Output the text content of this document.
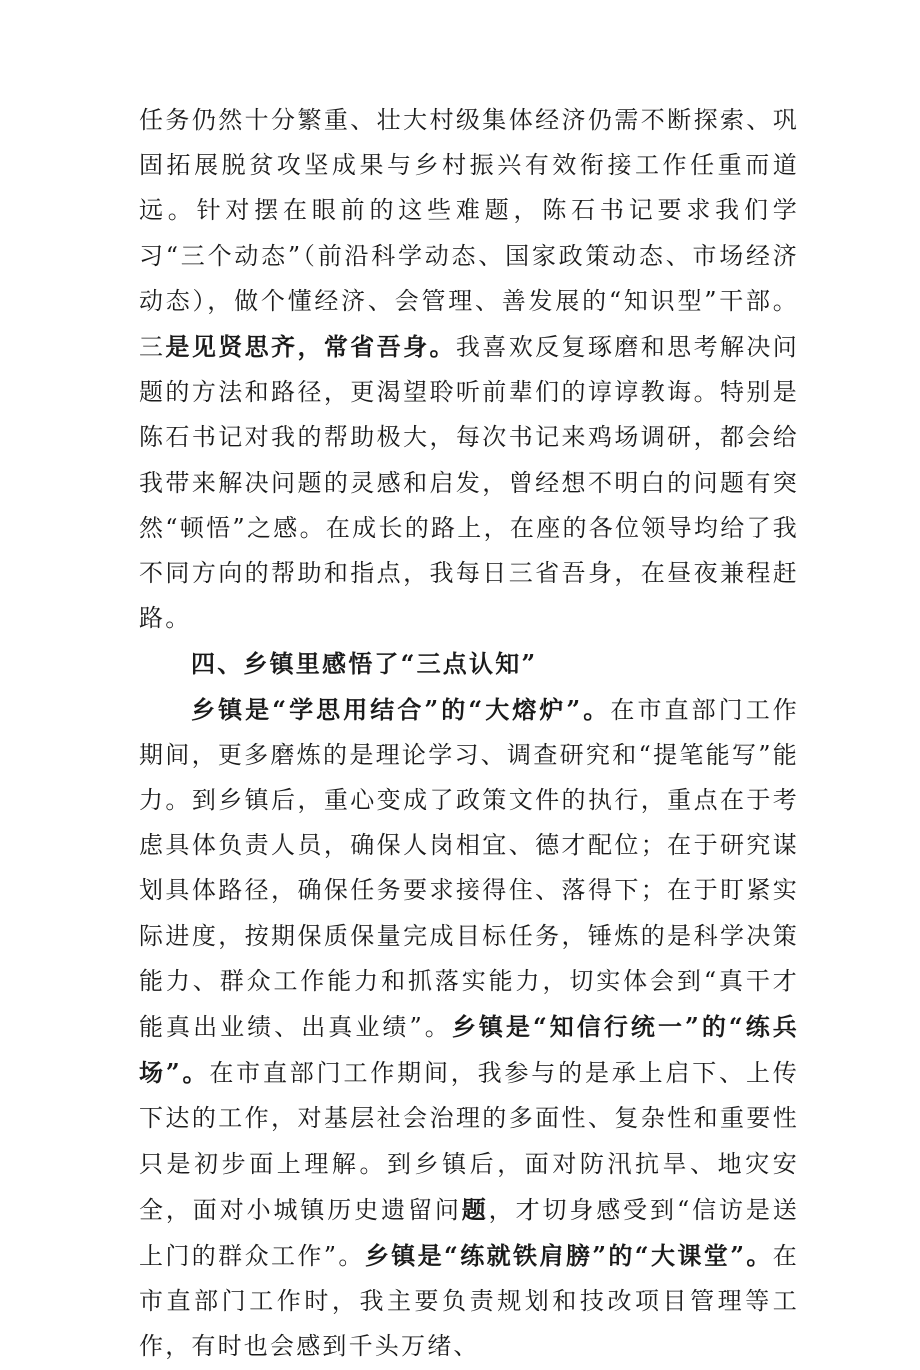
任务仍然十分繁重、壮大村级集体经济仍需不断探索、巩固拓展脱贫攻坚成果与乡村振兴有效衔接工作任重而道远。针对摆在眼前的这些难题，陈石书记要求我们学习“三个动态”（前沿科学动态、国家政策动态、市场经济动态），做个懂经济、会管理、善发展的“知识型”干部。三是见贤思齐，常省吾身。我喜欢反复琢磨和思考解决问题的方法和路径，更渴望聆听前辈们的谆谆教诲。特别是陈石书记对我的帮助极大，每次书记来鸡场调研，都会给我带来解决问题的灵感和启发，曾经想不明白的问题有突然“顿悟”之感。在成长的路上，在座的各位领导均给了我不同方向的帮助和指点，我每日三省吾身，在昼夜兼程赶路。

四、乡镇里感悟了“三点认知”

乡镇是“学思用结合”的“大熔炉”。在市直部门工作期间，更多磨炼的是理论学习、调查研究和“提笔能写”能力。到乡镇后，重心变成了政策文件的执行，重点在于考虑具体负责人员，确保人岗相宜、德才配位；在于研究谋划具体路径，确保任务要求接得住、落得下；在于盯紧实际进度，按期保质保量完成目标任务，锤炼的是科学决策能力、群众工作能力和抓落实能力，切实体会到“真干才能真出业绩、出真业绩”。乡镇是“知信行统一”的“练兵场”。在市直部门工作期间，我参与的是承上启下、上传下达的工作，对基层社会治理的多面性、复杂性和重要性只是初步面上理解。到乡镇后，面对防汛抗旱、地灾安全，面对小城镇历史遗留问题，才切身感受到“信访是送上门的群众工作”。乡镇是“练就铁肩膀”的“大课堂”。在市直部门工作时，我主要负责规划和技改项目管理等工作，有时也会感到千头万绪、
